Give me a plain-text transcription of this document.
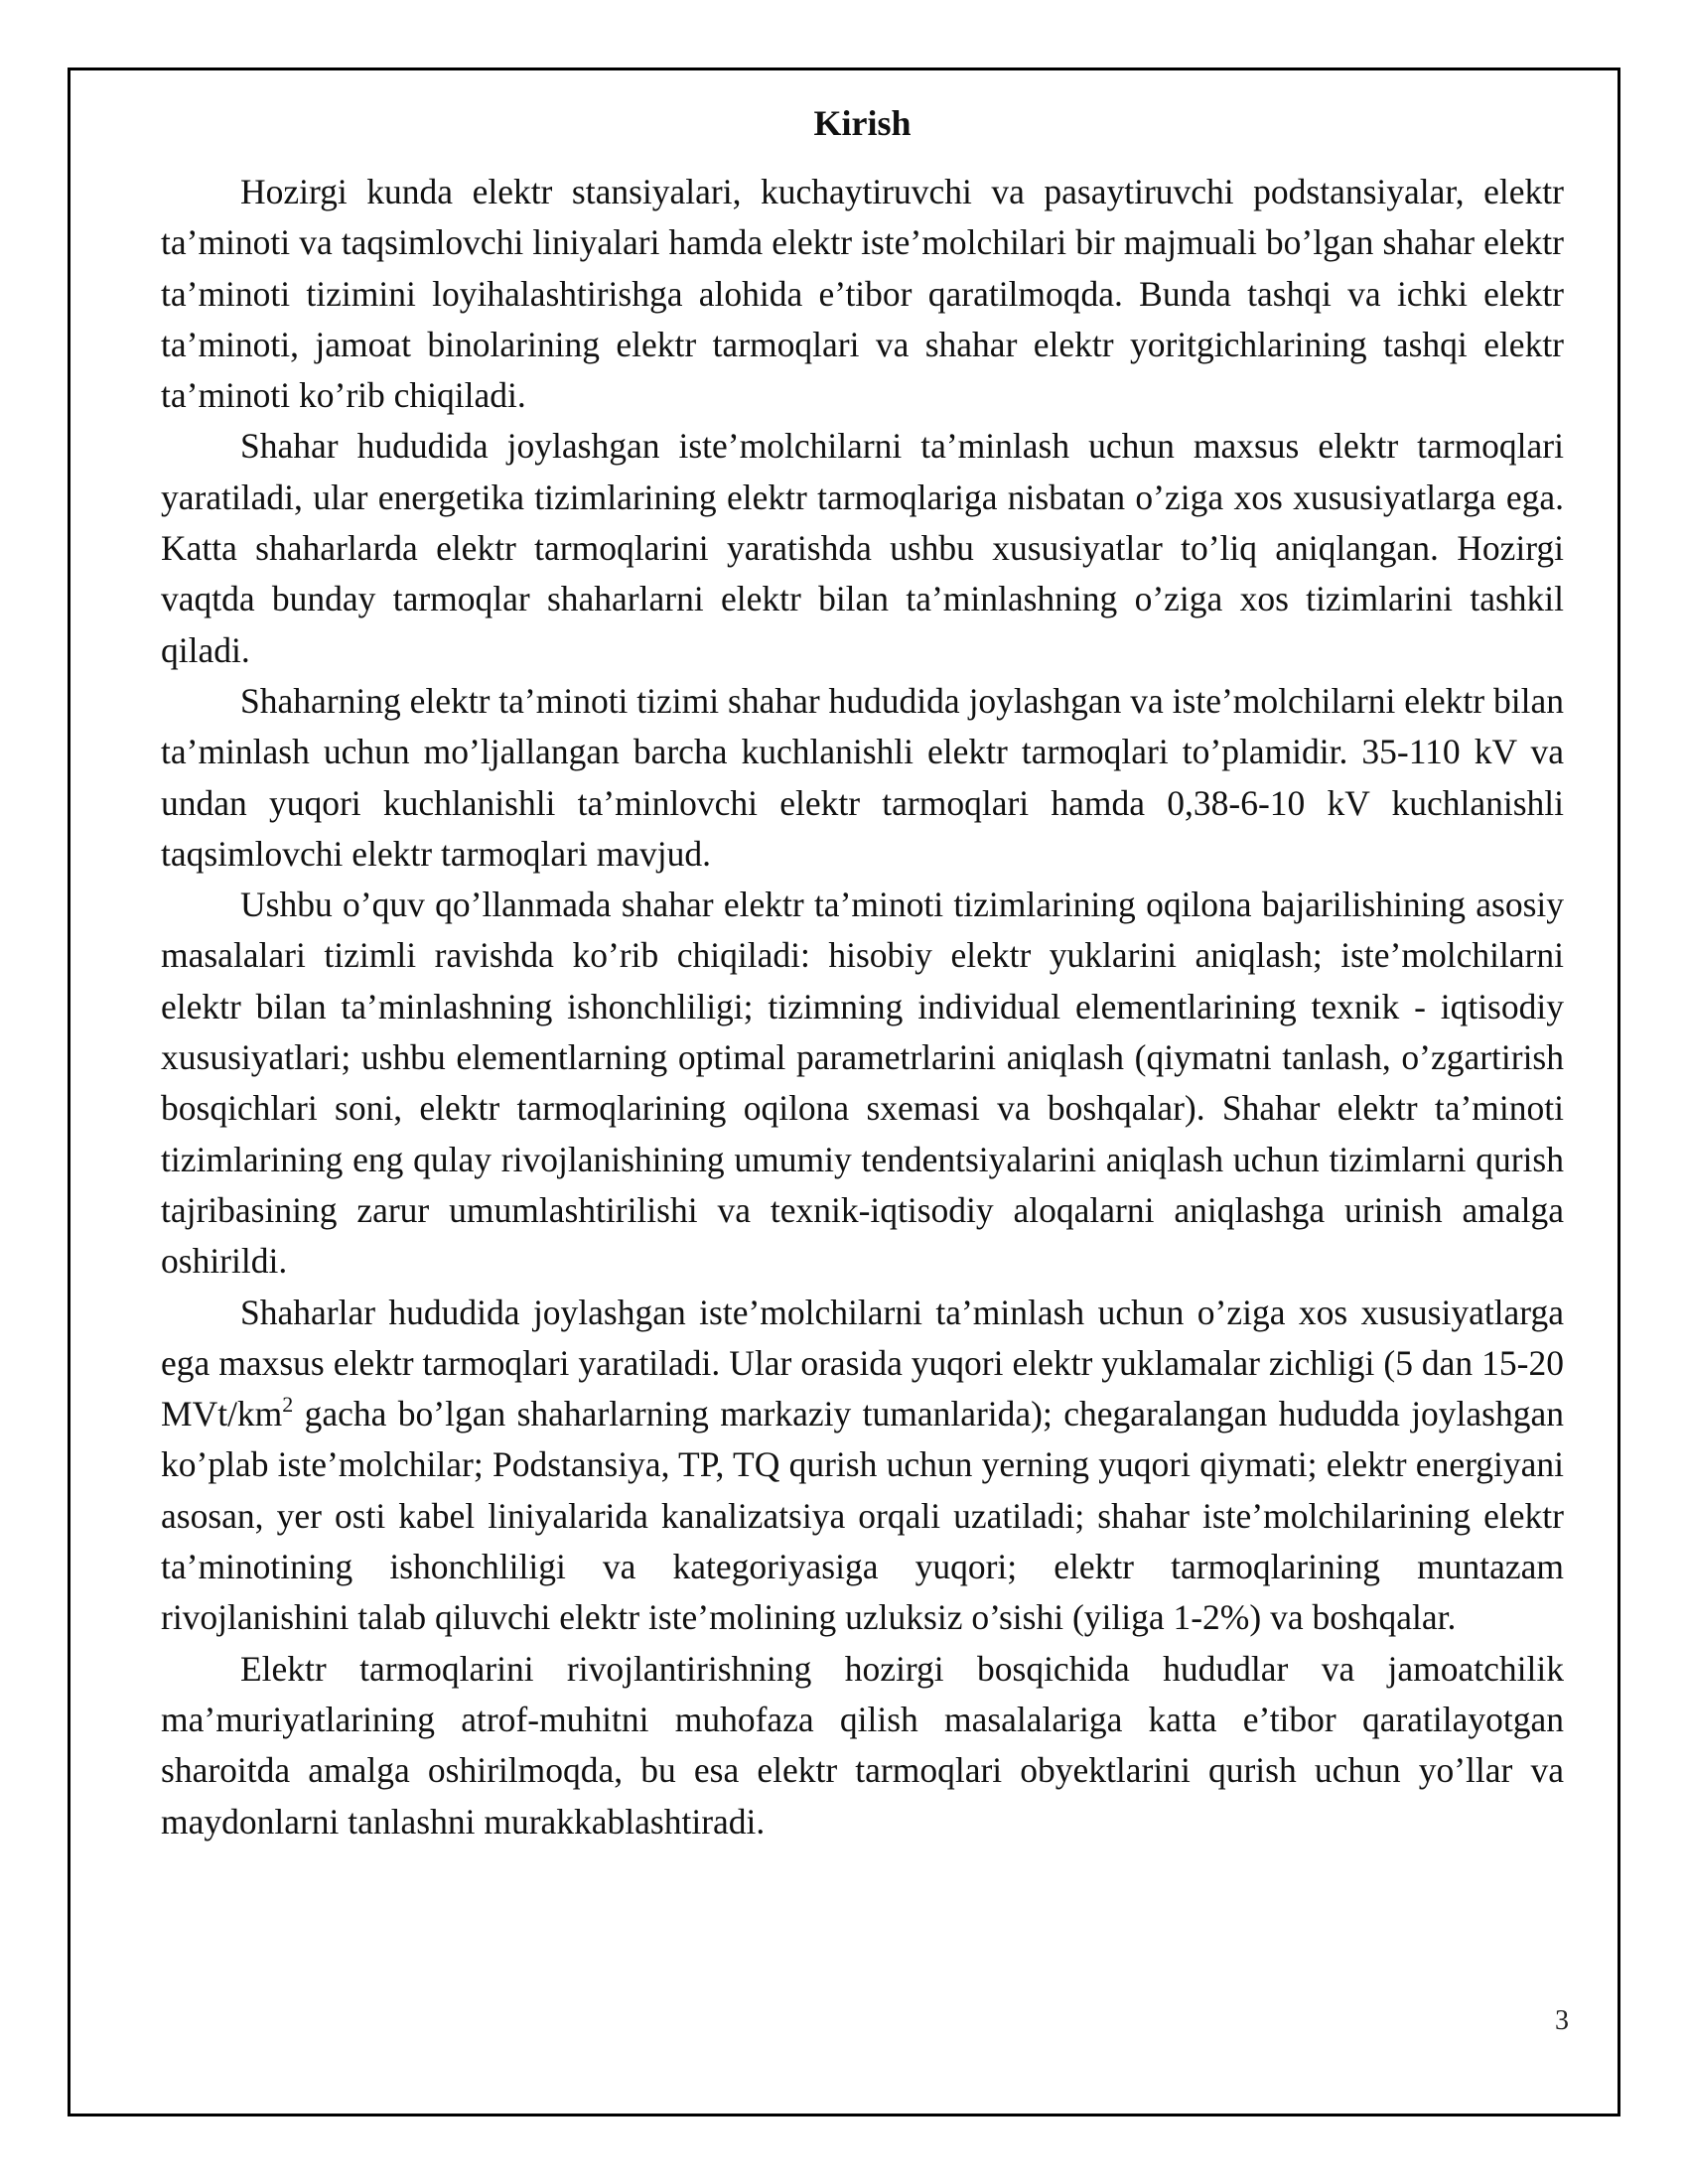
Kirish

Hozirgi kunda elektr stansiyalari, kuchaytiruvchi va pasaytiruvchi podstansiyalar, elektr ta’minoti va taqsimlovchi liniyalari hamda elektr iste’molchilari bir majmuali bo’lgan shahar elektr ta’minoti tizimini loyihalashtirishga alohida e’tibor qaratilmoqda. Bunda tashqi va ichki elektr ta’minoti, jamoat binolarining elektr tarmoqlari va shahar elektr yoritgichlarining tashqi elektr ta’minoti ko’rib chiqiladi.

Shahar hududida joylashgan iste’molchilarni ta’minlash uchun maxsus elektr tarmoqlari yaratiladi, ular energetika tizimlarining elektr tarmoqlariga nisbatan o’ziga xos xususiyatlarga ega. Katta shaharlarda elektr tarmoqlarini yaratishda ushbu xususiyatlar to’liq aniqlangan. Hozirgi vaqtda bunday tarmoqlar shaharlarni elektr bilan ta’minlashning o’ziga xos tizimlarini tashkil qiladi.

Shaharning elektr ta’minoti tizimi shahar hududida joylashgan va iste’molchilarni elektr bilan ta’minlash uchun mo’ljallangan barcha kuchlanishli elektr tarmoqlari to’plamidir. 35-110 kV va undan yuqori kuchlanishli ta’minlovchi elektr tarmoqlari hamda 0,38-6-10 kV kuchlanishli taqsimlovchi elektr tarmoqlari mavjud.

Ushbu o’quv qo’llanmada shahar elektr ta’minoti tizimlarining oqilona bajarilishining asosiy masalalari tizimli ravishda ko’rib chiqiladi: hisobiy elektr yuklarini aniqlash; iste’molchilarni elektr bilan ta’minlashning ishonchliligi; tizimning individual elementlarining texnik - iqtisodiy xususiyatlari; ushbu elementlarning optimal parametrlarini aniqlash (qiymatni tanlash, o’zgartirish bosqichlari soni, elektr tarmoqlarining oqilona sxemasi va boshqalar). Shahar elektr ta’minoti tizimlarining eng qulay rivojlanishining umumiy tendentsiyalarini aniqlash uchun tizimlarni qurish tajribasining zarur umumlashtirilishi va texnik-iqtisodiy aloqalarni aniqlashga urinish amalga oshirildi.

Shaharlar hududida joylashgan iste’molchilarni ta’minlash uchun o’ziga xos xususiyatlarga ega maxsus elektr tarmoqlari yaratiladi. Ular orasida yuqori elektr yuklamalar zichligi (5 dan 15-20 MVt/$km^2$ gacha bo’lgan shaharlarning markaziy tumanlarida); chegaralangan hududda joylashgan ko’plab iste’molchilar; Podstansiya, TP, TQ qurish uchun yerning yuqori qiymati; elektr energiyani asosan, yer osti kabel liniyalarida kanalizatsiya orqali uzatiladi; shahar iste’molchilarining elektr ta’minotining ishonchliligi va kategoriyasiga yuqori; elektr tarmoqlarining muntazam rivojlanishini talab qiluvchi elektr iste’molining uzluksiz o’sishi (yiliga 1-2%) va boshqalar.

Elektr tarmoqlarini rivojlantirishning hozirgi bosqichida hududlar va jamoatchilik ma’muriyatlarining atrof-muhitni muhofaza qilish masalalariga katta e’tibor qaratilayotgan sharoitda amalga oshirilmoqda, bu esa elektr tarmoqlari obyektlarini qurish uchun yo’llar va maydonlarni tanlashni murakkablashtiradi.

3
